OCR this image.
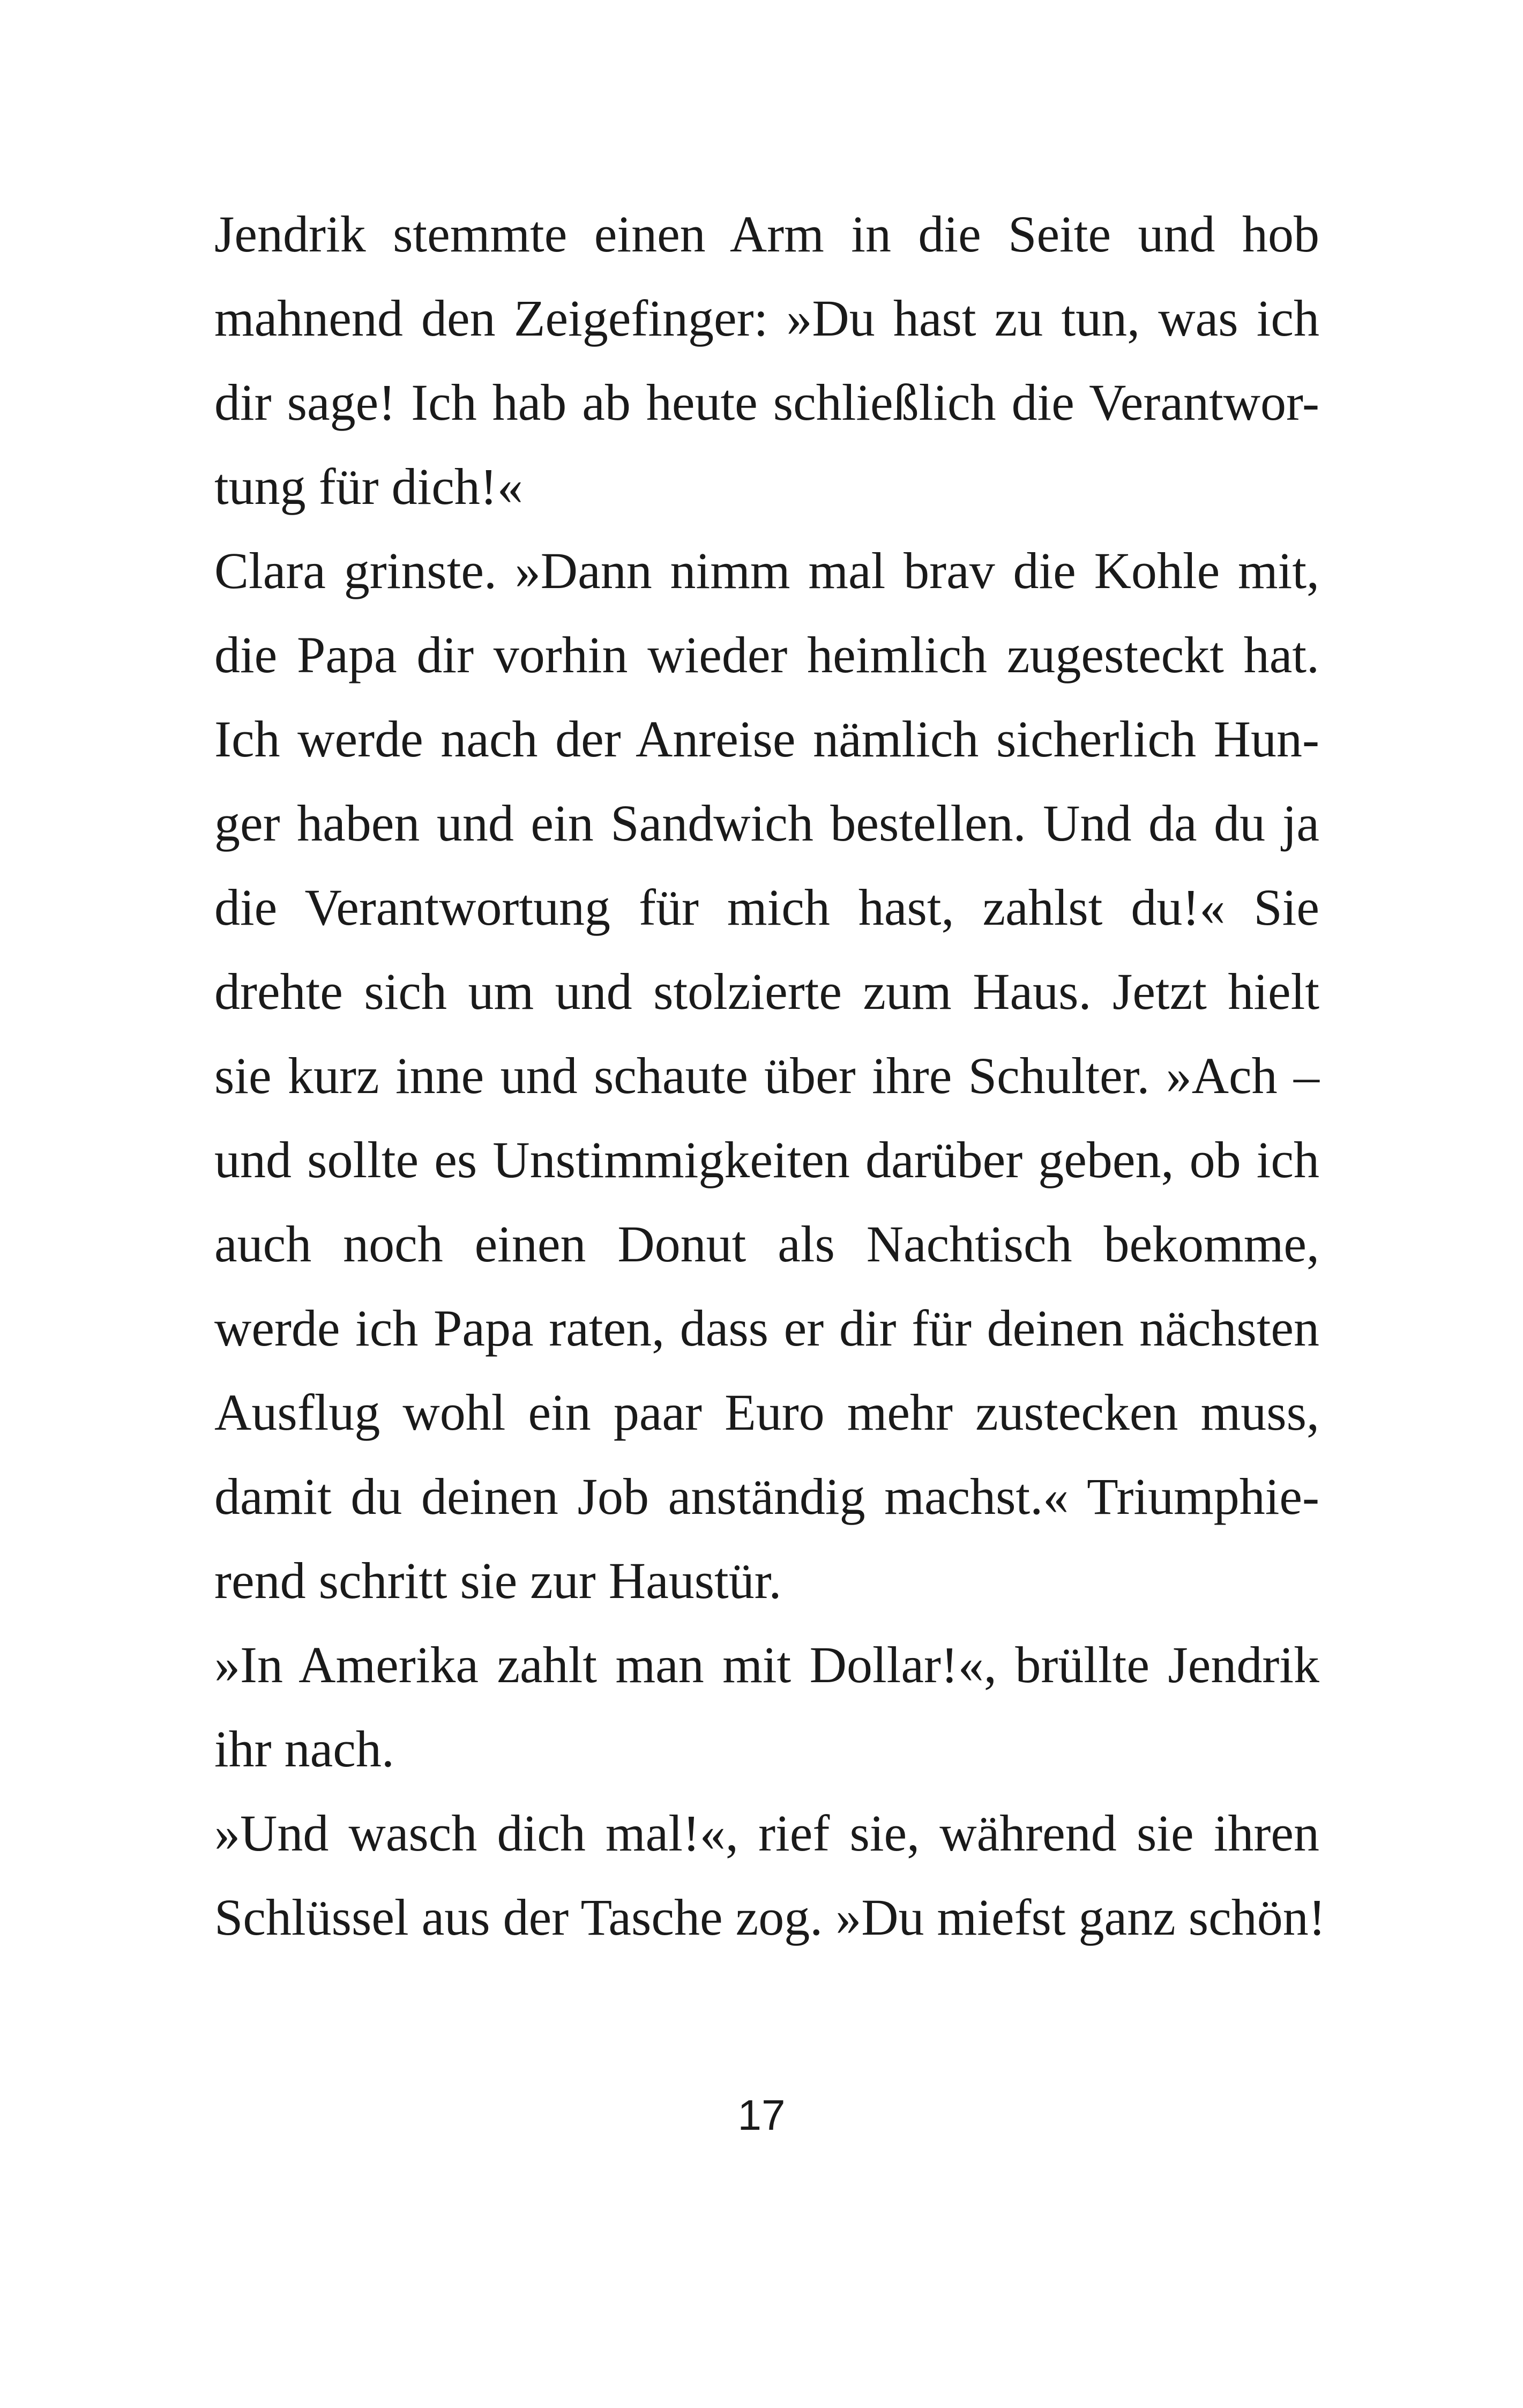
Jendrik stemmte einen Arm in die Seite und hob
mahnend den Zeigefinger: »Du hast zu tun, was ich
dir sage! Ich hab ab heute schließlich die Verantwor-
tung für dich!«
Clara grinste. »Dann nimm mal brav die Kohle mit,
die Papa dir vorhin wieder heimlich zugesteckt hat.
Ich werde nach der Anreise nämlich sicherlich Hun-
ger haben und ein Sandwich bestellen. Und da du ja
die Verantwortung für mich hast, zahlst du!« Sie
drehte sich um und stolzierte zum Haus. Jetzt hielt
sie kurz inne und schaute über ihre Schulter. »Ach –
und sollte es Unstimmigkeiten darüber geben, ob ich
auch noch einen Donut als Nachtisch bekomme,
werde ich Papa raten, dass er dir für deinen nächsten
Ausflug wohl ein paar Euro mehr zustecken muss,
damit du deinen Job anständig machst.« Triumphie-
rend schritt sie zur Haustür.
»In Amerika zahlt man mit Dollar!«, brüllte Jendrik
ihr nach.
»Und wasch dich mal!«, rief sie, während sie ihren
Schlüssel aus der Tasche zog. »Du miefst ganz schön!
17
